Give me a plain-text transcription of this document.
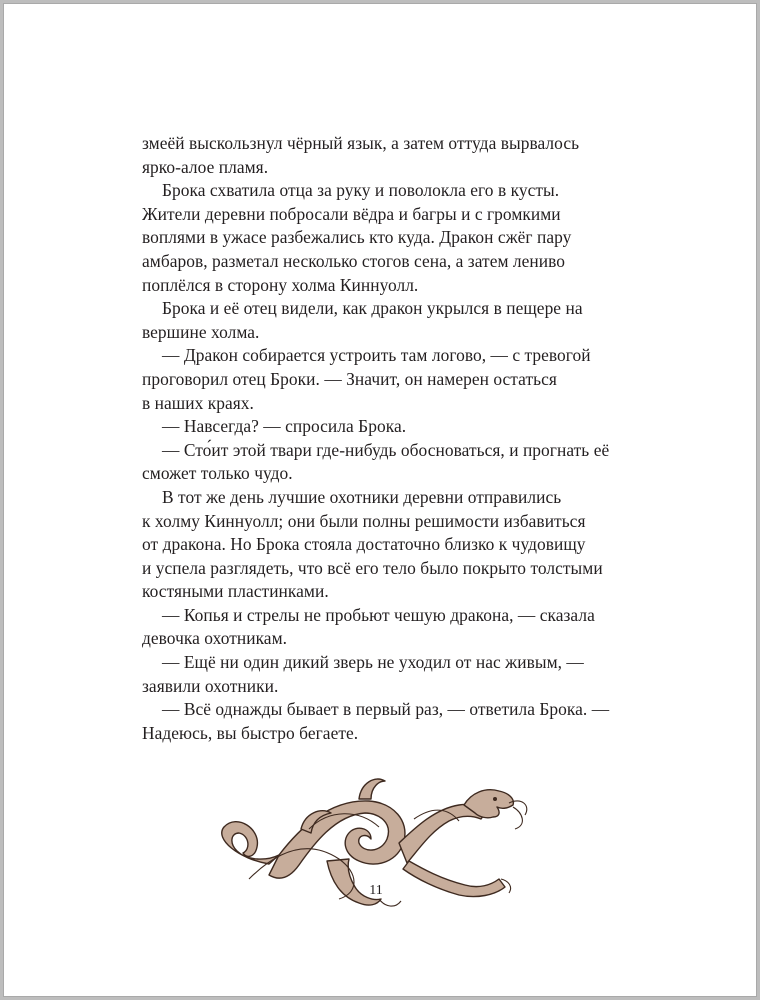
змеёй выскользнул чёрный язык, а затем оттуда вырвалось
ярко-алое пламя.
Брока схватила отца за руку и поволокла его в кусты.
Жители деревни побросали вёдра и багры и с громкими
воплями в ужасе разбежались кто куда. Дракон сжёг пару
амбаров, разметал несколько стогов сена, а затем лениво
поплёлся в сторону холма Киннуолл.
Брока и её отец видели, как дракон укрылся в пещере на
вершине холма.
— Дракон собирается устроить там логово, — с тревогой
проговорил отец Броки. — Значит, он намерен остаться
в наших краях.
— Навсегда? — спросила Брока.
— Сто́ит этой твари где-нибудь обосноваться, и прогнать её
сможет только чудо.
В тот же день лучшие охотники деревни отправились
к холму Киннуолл; они были полны решимости избавиться
от дракона. Но Брока стояла достаточно близко к чудовищу
и успела разглядеть, что всё его тело было покрыто толстыми
костяными пластинками.
— Копья и стрелы не пробьют чешую дракона, — сказала
девочка охотникам.
— Ещё ни один дикий зверь не уходил от нас живым, —
заявили охотники.
— Всё однажды бывает в первый раз, — ответила Брока. —
Надеюсь, вы быстро бегаете.
11
